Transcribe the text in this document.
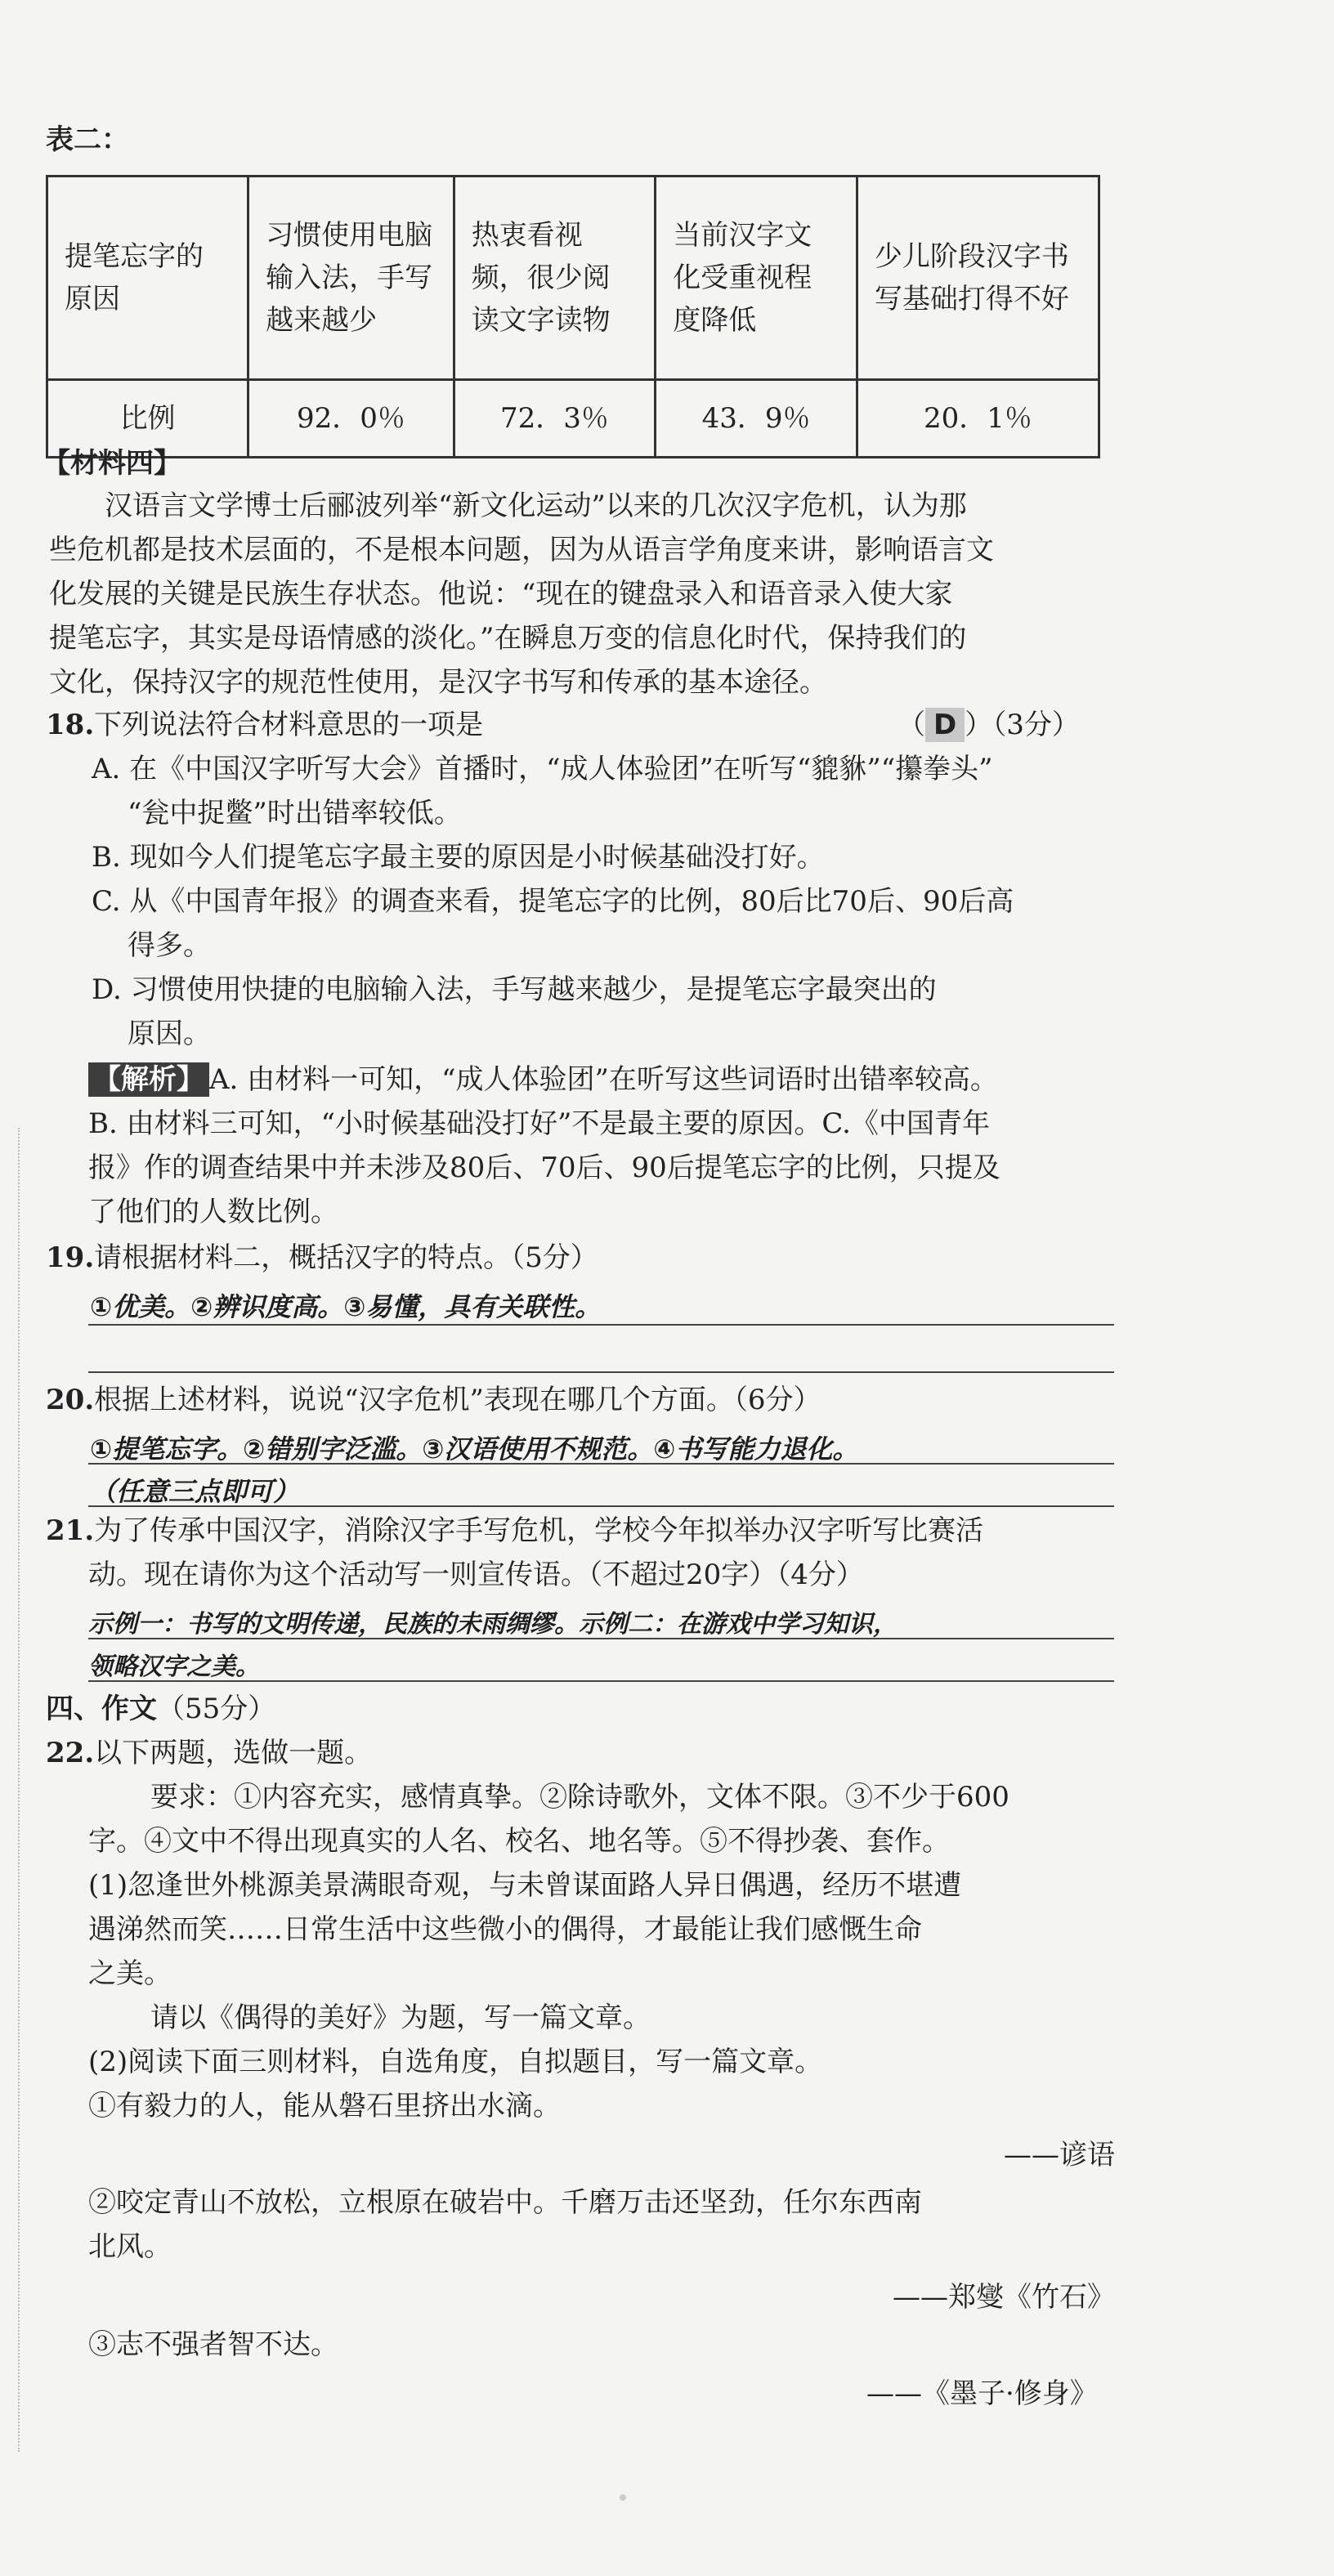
表二：
提笔忘字的原因	习惯使用电脑输入法，手写越来越少	热衷看视频，很少阅读文字读物	当前汉字文化受重视程度降低	少儿阶段汉字书写基础打得不好
比例	92．0％	72．3％	43．9％	20．1％
【材料四】
汉语言文学博士后郦波列举“新文化运动”以来的几次汉字危机，认为那
些危机都是技术层面的，不是根本问题，因为从语言学角度来讲，影响语言文
化发展的关键是民族生存状态。他说：“现在的键盘录入和语音录入使大家
提笔忘字，其实是母语情感的淡化。”在瞬息万变的信息化时代，保持我们的
文化，保持汉字的规范性使用，是汉字书写和传承的基本途径。
18.下列说法符合材料意思的一项是	（ D ）（3分）
A. 在《中国汉字听写大会》首播时，“成人体验团”在听写“貔貅”“攥拳头”
“瓮中捉鳖”时出错率较低。
B. 现如今人们提笔忘字最主要的原因是小时候基础没打好。
C. 从《中国青年报》的调查来看，提笔忘字的比例，80后比70后、90后高
得多。
D. 习惯使用快捷的电脑输入法，手写越来越少，是提笔忘字最突出的
原因。
【解析】 A. 由材料一可知，“成人体验团”在听写这些词语时出错率较高。
B. 由材料三可知，“小时候基础没打好”不是最主要的原因。C.《中国青年
报》作的调查结果中并未涉及80后、70后、90后提笔忘字的比例，只提及
了他们的人数比例。
19.请根据材料二，概括汉字的特点。（5分）
①优美。②辨识度高。③易懂，具有关联性。
20.根据上述材料，说说“汉字危机”表现在哪几个方面。（6分）
①提笔忘字。②错别字泛滥。③汉语使用不规范。④书写能力退化。
（任意三点即可）
21.为了传承中国汉字，消除汉字手写危机，学校今年拟举办汉字听写比赛活
动。现在请你为这个活动写一则宣传语。（不超过20字）（4分）
示例一：书写的文明传递，民族的未雨绸缪。示例二：在游戏中学习知识，
领略汉字之美。
四、作文（55分）
22.以下两题，选做一题。
要求：①内容充实，感情真挚。②除诗歌外，文体不限。③不少于600
字。④文中不得出现真实的人名、校名、地名等。⑤不得抄袭、套作。
(1)忽逢世外桃源美景满眼奇观，与未曾谋面路人异日偶遇，经历不堪遭
遇涕然而笑……日常生活中这些微小的偶得，才最能让我们感慨生命
之美。
请以《偶得的美好》为题，写一篇文章。
(2)阅读下面三则材料，自选角度，自拟题目，写一篇文章。
①有毅力的人，能从磐石里挤出水滴。
——谚语
②咬定青山不放松，立根原在破岩中。千磨万击还坚劲，任尔东西南
北风。
——郑燮《竹石》
③志不强者智不达。
——《墨子·修身》
